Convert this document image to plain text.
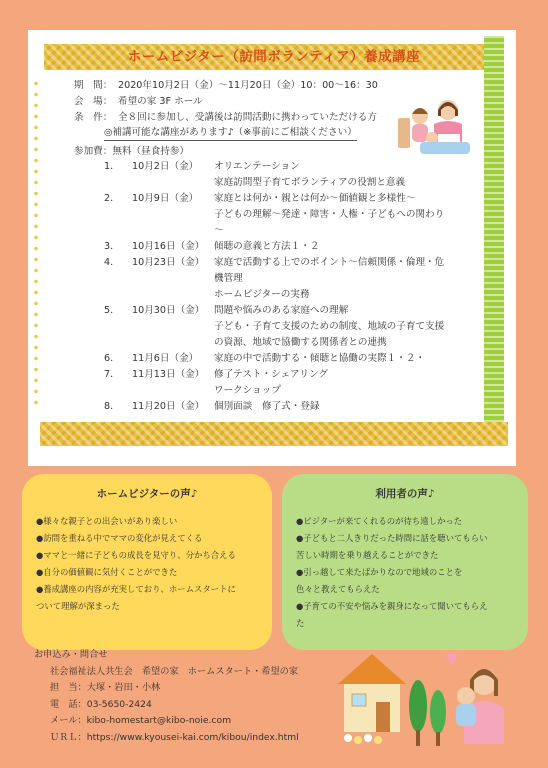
ホームビジター（訪問ボランティア）養成講座
期　間： 2020年10月2日（金）～11月20日（金）10：00～16：30
会　場： 希望の家 3F ホール
条　件： 全８回に参加し、受講後は訪問活動に携わっていただける方
◎補講可能な講座があります♪（※事前にご相談ください）
参加費：無料（昼食持参）
1.	10月2日（金）	オリエンテーション
家庭訪問型子育てボランティアの役割と意義
2.	10月9日（金）	家庭とは何か・親とは何か～価値観と多様性～
子どもの理解～発達・障害・人権・子どもへの関わり
～
3.	10月16日（金）	傾聴の意義と方法１・２
4.	10月23日（金）	家庭で活動する上でのポイント～信頼関係・倫理・危
機管理
ホームビジターの実務
5.	10月30日（金）	問題や悩みのある家庭への理解
子ども・子育て支援のための制度、地域の子育て支援
の資源、地域で協働する関係者との連携
6.	11月6日（金）	家庭の中で活動する・傾聴と協働の実際１・２・
7.	11月13日（金）	修了テスト・シェアリング
ワークショップ
8.	11月20日（金）	個別面談　修了式・登録
ホームビジターの声♪
●様々な親子との出会いがあり楽しい
●訪問を重ねる中でママの変化が見えてくる
●ママと一緒に子どもの成長を見守り、分かち合える
●自分の価値観に気付くことができた
●養成講座の内容が充実しており、ホームスタートに
ついて理解が深まった
利用者の声♪
●ビジターが来てくれるのが待ち遠しかった
●子どもと二人きりだった時間に話を聴いてもらい
苦しい時期を乗り越えることができた
●引っ越して来たばかりなので地域のことを
色々と教えてもらえた
●子育ての不安や悩みを親身になって聞いてもらえ
た
お申込み・問合せ
社会福祉法人共生会　希望の家　ホームスタート・希望の家
担　当：大塚・岩田・小林
電　話：03-5650-2424
メール：kibo-homestart@kibo-noie.com
ＵＲＬ：https://www.kyousei-kai.com/kibou/index.html
